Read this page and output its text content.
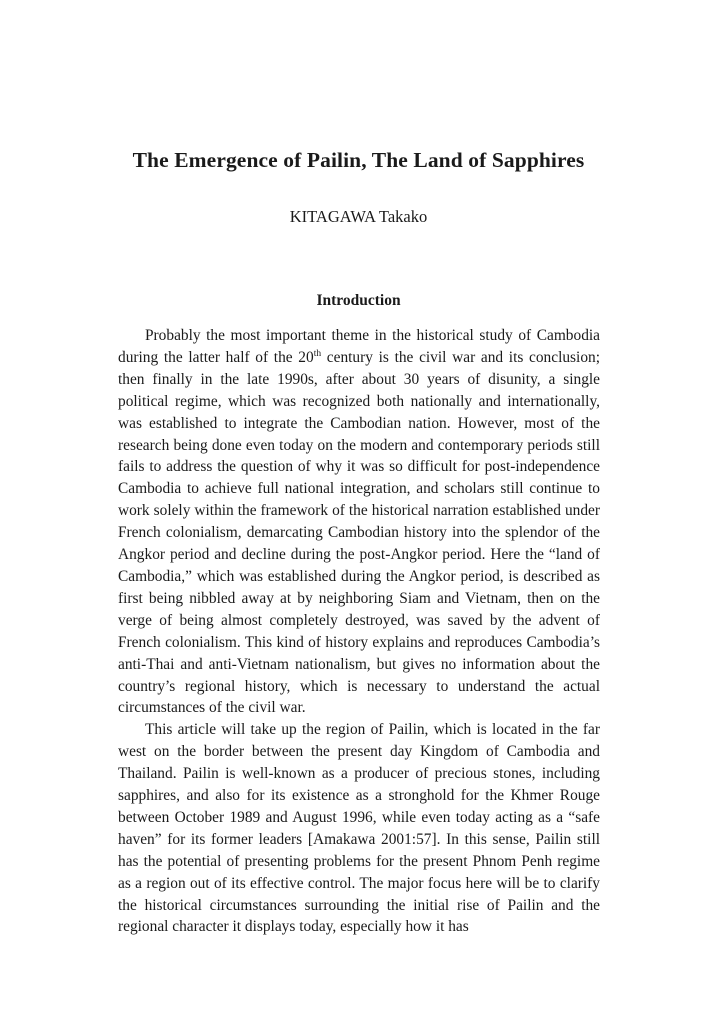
The Emergence of Pailin, The Land of Sapphires
KITAGAWA Takako
Introduction

Probably the most important theme in the historical study of Cambodia during the latter half of the 20th century is the civil war and its conclusion; then finally in the late 1990s, after about 30 years of disunity, a single political regime, which was recognized both nationally and internationally, was established to integrate the Cambodian nation. However, most of the research being done even today on the modern and contemporary periods still fails to address the question of why it was so difficult for post-independence Cambodia to achieve full national integration, and scholars still continue to work solely within the framework of the historical narration established under French colonialism, demarcating Cambodian history into the splendor of the Angkor period and decline during the post-Angkor period. Here the “land of Cambodia,” which was established during the Angkor period, is described as first being nibbled away at by neighboring Siam and Vietnam, then on the verge of being almost completely destroyed, was saved by the advent of French colonialism. This kind of history explains and reproduces Cambodia’s anti-Thai and anti-Vietnam nationalism, but gives no information about the country’s regional history, which is necessary to understand the actual circumstances of the civil war.

This article will take up the region of Pailin, which is located in the far west on the border between the present day Kingdom of Cambodia and Thailand. Pailin is well-known as a producer of precious stones, including sapphires, and also for its existence as a stronghold for the Khmer Rouge between October 1989 and August 1996, while even today acting as a “safe haven” for its former leaders [Amakawa 2001:57]. In this sense, Pailin still has the potential of presenting problems for the present Phnom Penh regime as a region out of its effective control. The major focus here will be to clarify the historical circumstances surrounding the initial rise of Pailin and the regional character it displays today, especially how it has
